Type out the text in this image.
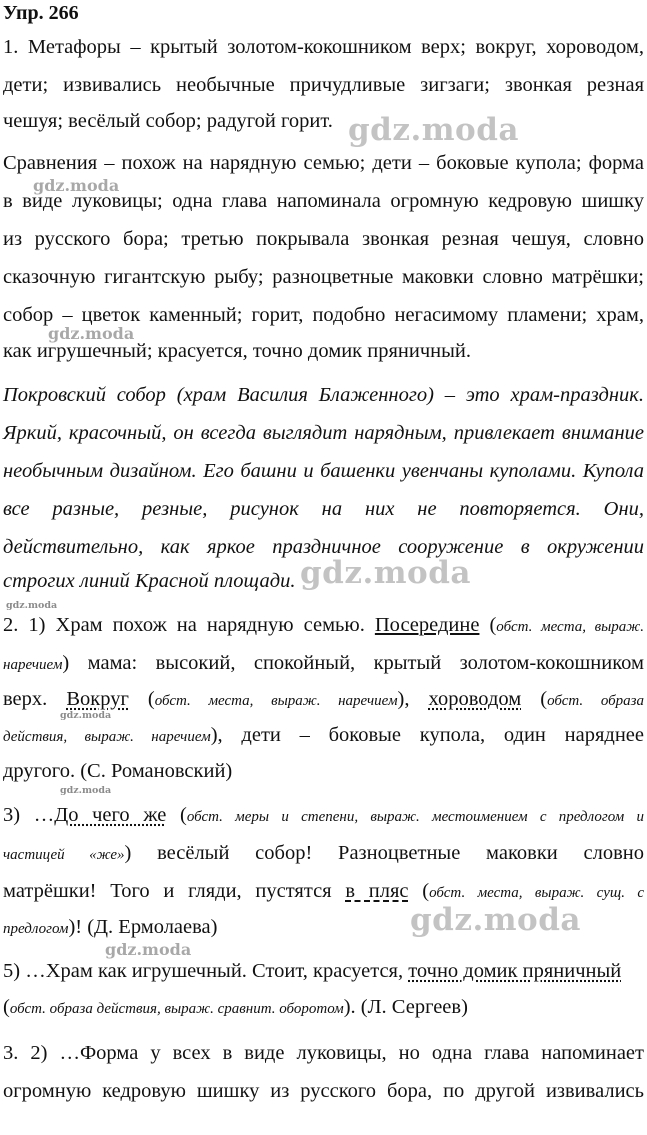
Упр. 266
1. Метафоры – крытый золотом-кокошником верх; вокруг, хороводом,
дети; извивались необычные причудливые зигзаги; звонкая резная
чешуя; весёлый собор; радугой горит.
Сравнения – похож на нарядную семью; дети – боковые купола; форма
в виде луковицы; одна глава напоминала огромную кедровую шишку
из русского бора; третью покрывала звонкая резная чешуя, словно
сказочную гигантскую рыбу; разноцветные маковки словно матрёшки;
собор – цветок каменный; горит, подобно негасимому пламени; храм,
как игрушечный; красуется, точно домик пряничный.
Покровский собор (храм Василия Блаженного) – это храм-праздник.
Яркий, красочный, он всегда выглядит нарядным, привлекает внимание
необычным дизайном. Его башни и башенки увенчаны куполами. Купола
все разные, резные, рисунок на них не повторяется. Они,
действительно, как яркое праздничное сооружение в окружении
строгих линий Красной площади.
2. 1) Храм похож на нарядную семью. Посередине (обст. места, выраж.
наречием) мама: высокий, спокойный, крытый золотом-кокошником
верх. Вокруг (обст. места, выраж. наречием), хороводом (обст. образа
действия, выраж. наречием), дети – боковые купола, один наряднее
другого. (С. Романовский)
3) …До чего же (обст. меры и степени, выраж. местоимением с предлогом и
частицей «же») весёлый собор! Разноцветные маковки словно
матрёшки! Того и гляди, пустятся в пляс (обст. места, выраж. сущ. с
предлогом)! (Д. Ермолаева)
5) …Храм как игрушечный. Стоит, красуется, точно домик пряничный
(обст. образа действия, выраж. сравнит. оборотом). (Л. Сергеев)
3. 2) …Форма у всех в виде луковицы, но одна глава напоминает
огромную кедровую шишку из русского бора, по другой извивались
gdz.moda
gdz.moda
gdz.moda
gdz.moda
gdz.moda
gdz.moda
gdz.moda
gdz.moda
gdz.moda
